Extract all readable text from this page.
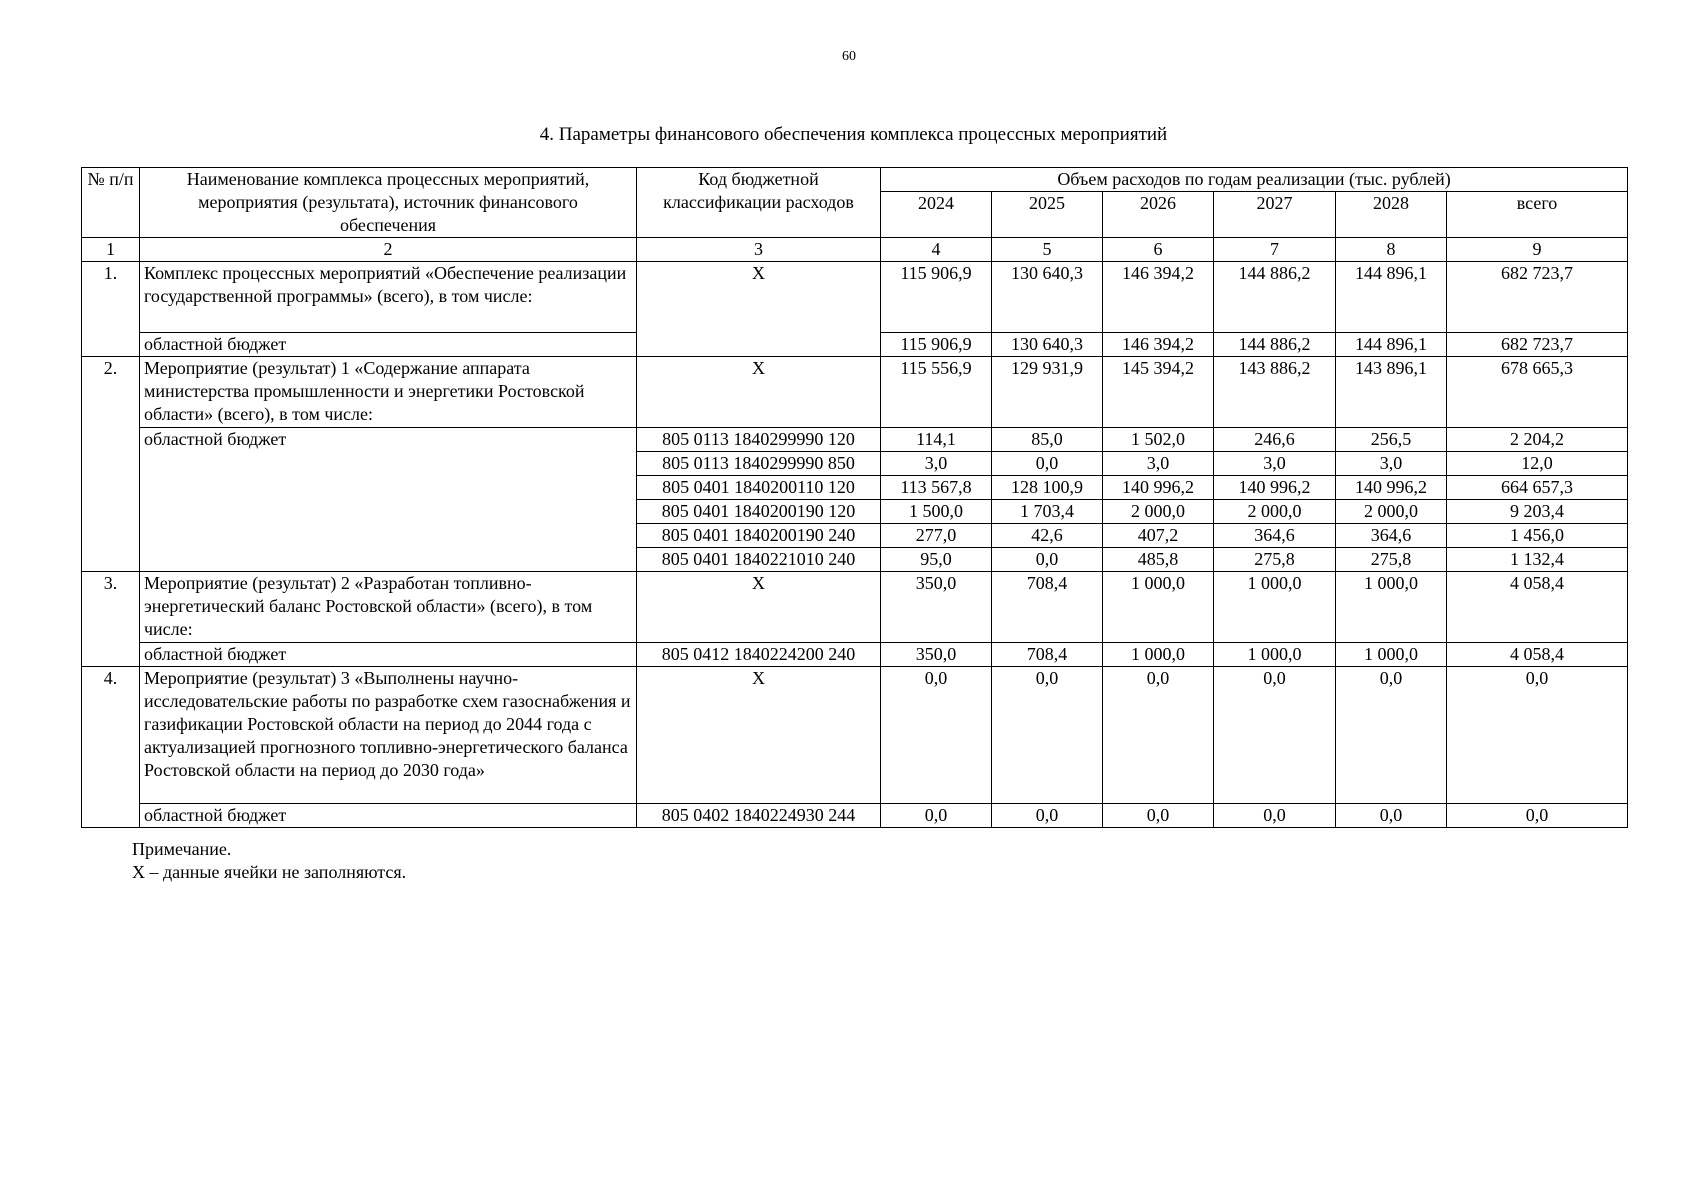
60
4. Параметры финансового обеспечения комплекса процессных мероприятий
№ п/п	Наименование комплекса процессных мероприятий, мероприятия (результата), источник финансового обеспечения	Код бюджетной классификации расходов	Объем расходов по годам реализации (тыс. рублей)					
			2024	2025	2026	2027	2028	всего
1	2	3	4	5	6	7	8	9
1.	Комплекс процессных мероприятий «Обеспечение реализации государственной программы» (всего), в том числе:	Х	115 906,9	130 640,3	146 394,2	144 886,2	144 896,1	682 723,7
	областной бюджет		115 906,9	130 640,3	146 394,2	144 886,2	144 896,1	682 723,7
2.	Мероприятие (результат) 1 «Содержание аппарата министерства промышленности и энергетики Ростовской области» (всего), в том числе:	Х	115 556,9	129 931,9	145 394,2	143 886,2	143 896,1	678 665,3
	областной бюджет	805 0113 1840299990 120	114,1	85,0	1 502,0	246,6	256,5	2 204,2
		805 0113 1840299990 850	3,0	0,0	3,0	3,0	3,0	12,0
		805 0401 1840200110 120	113 567,8	128 100,9	140 996,2	140 996,2	140 996,2	664 657,3
		805 0401 1840200190 120	1 500,0	1 703,4	2 000,0	2 000,0	2 000,0	9 203,4
		805 0401 1840200190 240	277,0	42,6	407,2	364,6	364,6	1 456,0
		805 0401 1840221010 240	95,0	0,0	485,8	275,8	275,8	1 132,4
3.	Мероприятие (результат) 2 «Разработан топливно-энергетический баланс Ростовской области» (всего), в том числе:	Х	350,0	708,4	1 000,0	1 000,0	1 000,0	4 058,4
	областной бюджет	805 0412 1840224200 240	350,0	708,4	1 000,0	1 000,0	1 000,0	4 058,4
4.	Мероприятие (результат) 3 «Выполнены научно-исследовательские работы по разработке схем газоснабжения и газификации Ростовской области на период до 2044 года с актуализацией прогнозного топливно-энергетического баланса Ростовской области на период до 2030 года»	Х	0,0	0,0	0,0	0,0	0,0	0,0
	областной бюджет	805 0402 1840224930 244	0,0	0,0	0,0	0,0	0,0	0,0
Примечание.
Х – данные ячейки не заполняются.
